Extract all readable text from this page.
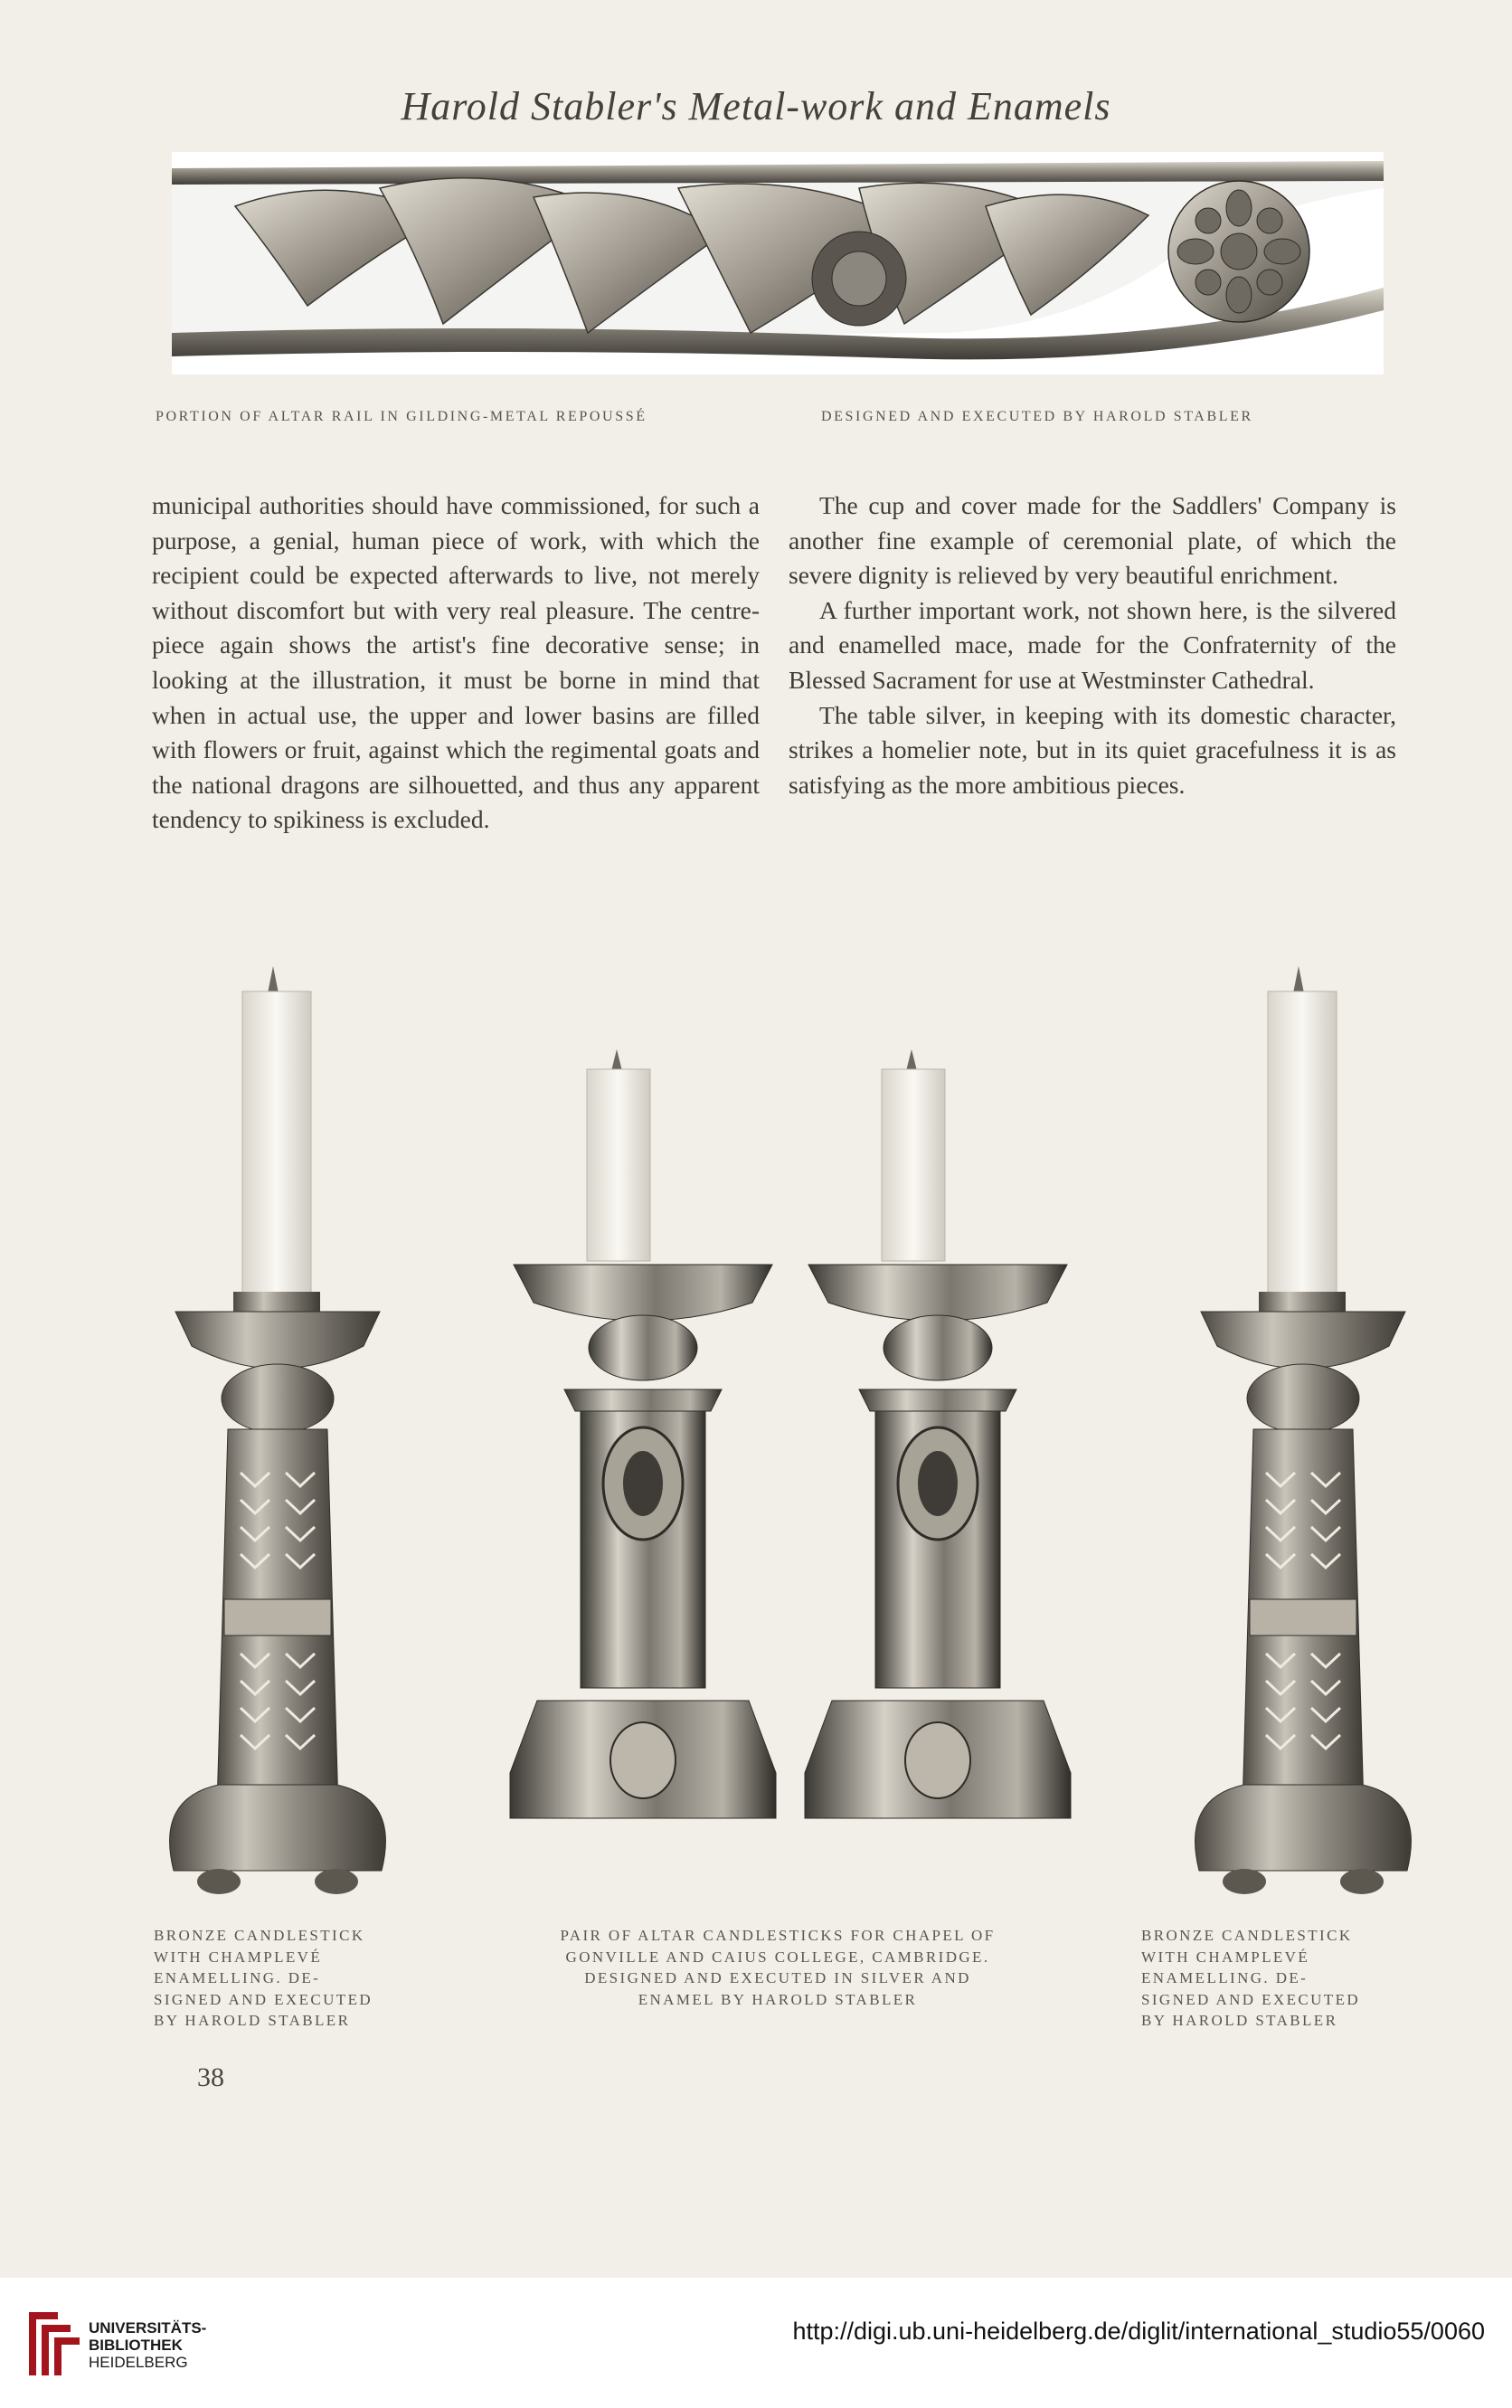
Harold Stabler's Metal-work and Enamels
PORTION OF ALTAR RAIL IN GILDING-METAL REPOUSSÉ	DESIGNED AND EXECUTED BY HAROLD STABLER

municipal authorities should have commissioned, for such a purpose, a genial, human piece of work, with which the recipient could be expected afterwards to live, not merely without discomfort but with very real pleasure. The centre-piece again shows the artist's fine decorative sense; in looking at the illustration, it must be borne in mind that when in actual use, the upper and lower basins are filled with flowers or fruit, against which the regimental goats and the national dragons are silhouetted, and thus any apparent tendency to spikiness is excluded.

The cup and cover made for the Saddlers' Company is another fine example of ceremonial plate, of which the severe dignity is relieved by very beautiful enrichment.

A further important work, not shown here, is the silvered and enamelled mace, made for the Confraternity of the Blessed Sacrament for use at Westminster Cathedral.

The table silver, in keeping with its domestic character, strikes a homelier note, but in its quiet gracefulness it is as satisfying as the more ambitious pieces.

BRONZE CANDLESTICK
WITH CHAMPLEVÉ
ENAMELLING. DE-
SIGNED AND EXECUTED
BY HAROLD STABLER
PAIR OF ALTAR CANDLESTICKS FOR CHAPEL OF
GONVILLE AND CAIUS COLLEGE, CAMBRIDGE.
DESIGNED AND EXECUTED IN SILVER AND
ENAMEL BY HAROLD STABLER
BRONZE CANDLESTICK
WITH CHAMPLEVÉ
ENAMELLING. DE-
SIGNED AND EXECUTED
BY HAROLD STABLER
38
UNIVERSITÄTS-
BIBLIOTHEK
HEIDELBERG
http://digi.ub.uni-heidelberg.de/diglit/international_studio55/0060
